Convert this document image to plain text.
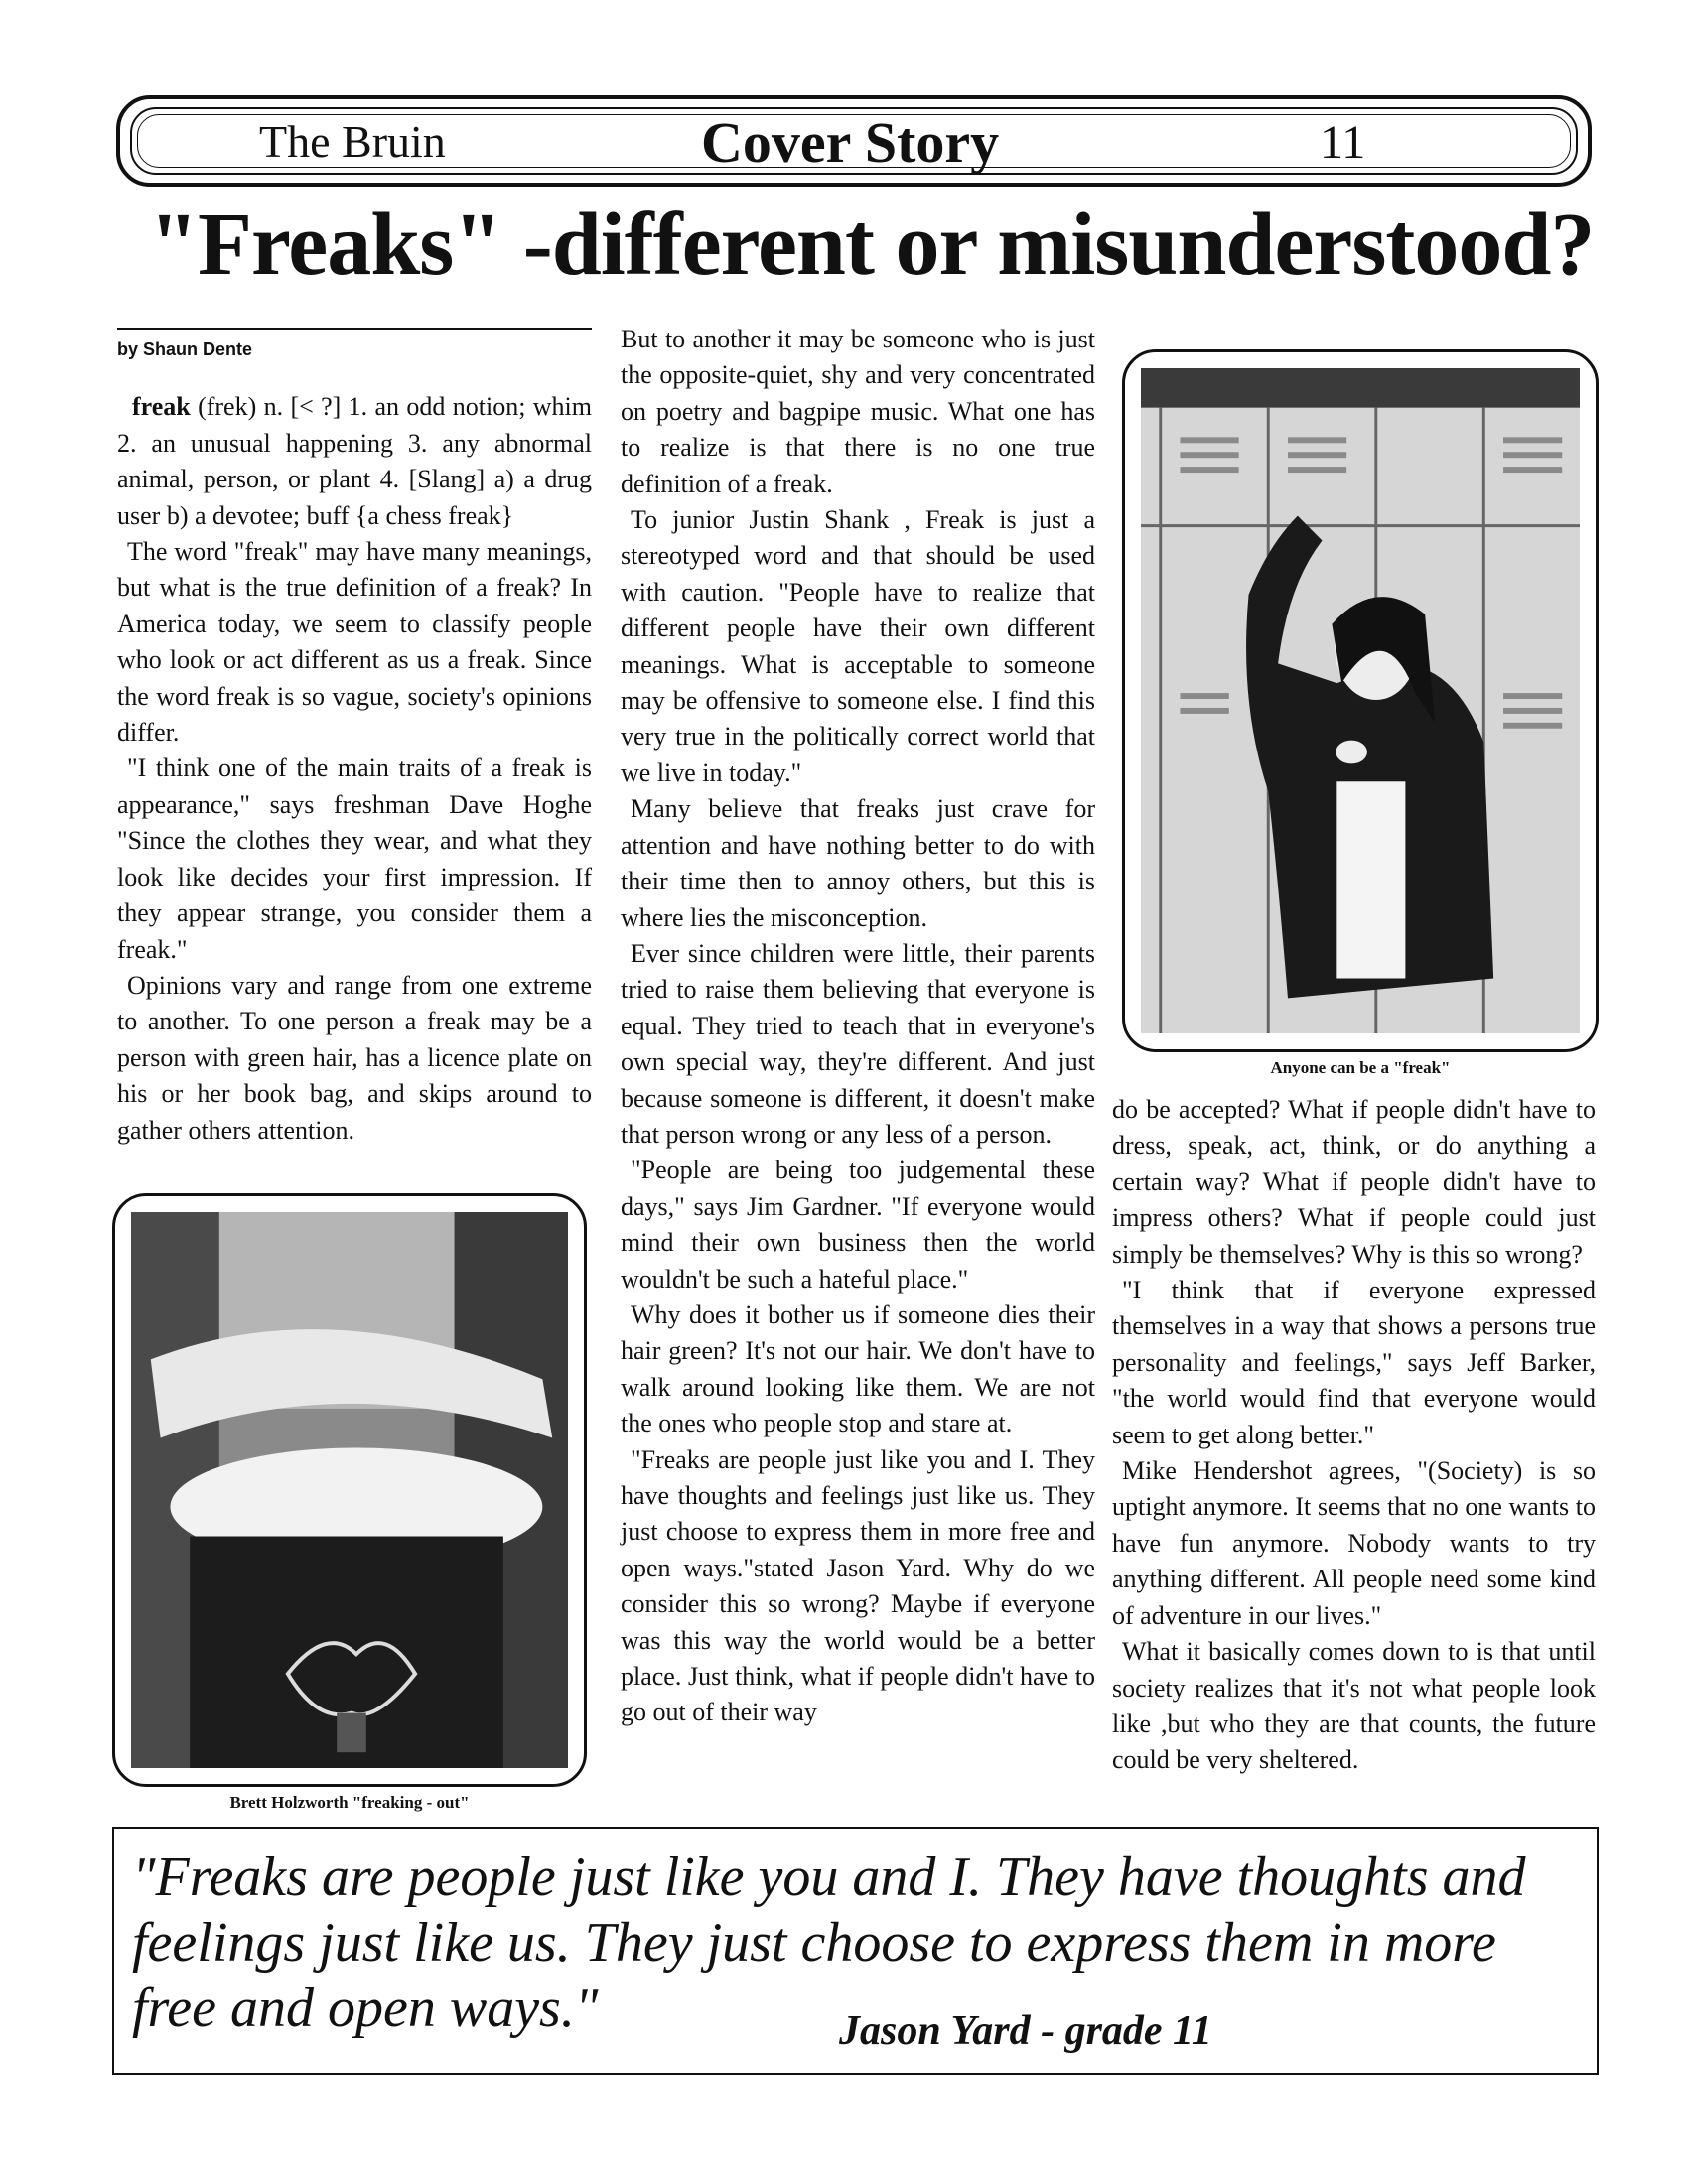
The Bruin	Cover Story	11
"Freaks" -different or misunderstood?
by Shaun Dente

freak (frek) n. [< ?] 1. an odd notion; whim 2. an unusual happening 3. any abnormal animal, person, or plant 4. [Slang] a) a drug user b) a devotee; buff {a chess freak}

The word "freak" may have many meanings, but what is the true definition of a freak? In America today, we seem to classify people who look or act different as us a freak. Since the word freak is so vague, society's opinions differ.

"I think one of the main traits of a freak is appearance," says freshman Dave Hoghe "Since the clothes they wear, and what they look like decides your first impression. If they appear strange, you consider them a freak."

Opinions vary and range from one extreme to another. To one person a freak may be a person with green hair, has a licence plate on his or her book bag, and skips around to gather others attention.

Brett Holzworth "freaking - out"

But to another it may be someone who is just the opposite-quiet, shy and very concentrated on poetry and bagpipe music. What one has to realize is that there is no one true definition of a freak.

To junior Justin Shank , Freak is just a stereotyped word and that should be used with caution. "People have to realize that different people have their own different meanings. What is acceptable to someone may be offensive to someone else. I find this very true in the politically correct world that we live in today."

Many believe that freaks just crave for attention and have nothing better to do with their time then to annoy others, but this is where lies the misconception.

Ever since children were little, their parents tried to raise them believing that everyone is equal. They tried to teach that in everyone's own special way, they're different. And just because someone is different, it doesn't make that person wrong or any less of a person.

"People are being too judgemental these days," says Jim Gardner. "If everyone would mind their own business then the world wouldn't be such a hateful place."

Why does it bother us if someone dies their hair green? It's not our hair. We don't have to walk around looking like them. We are not the ones who people stop and stare at.

"Freaks are people just like you and I. They have thoughts and feelings just like us. They just choose to express them in more free and open ways."stated Jason Yard. Why do we consider this so wrong? Maybe if everyone was this way the world would be a better place. Just think, what if people didn't have to go out of their way

Anyone can be a "freak"

do be accepted? What if people didn't have to dress, speak, act, think, or do anything a certain way? What if people didn't have to impress others? What if people could just simply be themselves? Why is this so wrong?

"I think that if everyone expressed themselves in a way that shows a persons true personality and feelings," says Jeff Barker, "the world would find that everyone would seem to get along better."

Mike Hendershot agrees, "(Society) is so uptight anymore. It seems that no one wants to have fun anymore. Nobody wants to try anything different. All people need some kind of adventure in our lives."

What it basically comes down to is that until society realizes that it's not what people look like ,but who they are that counts, the future could be very sheltered.

"Freaks are people just like you and I. They have thoughts and feelings just like us. They just choose to express them in more free and open ways."	Jason Yard - grade 11
